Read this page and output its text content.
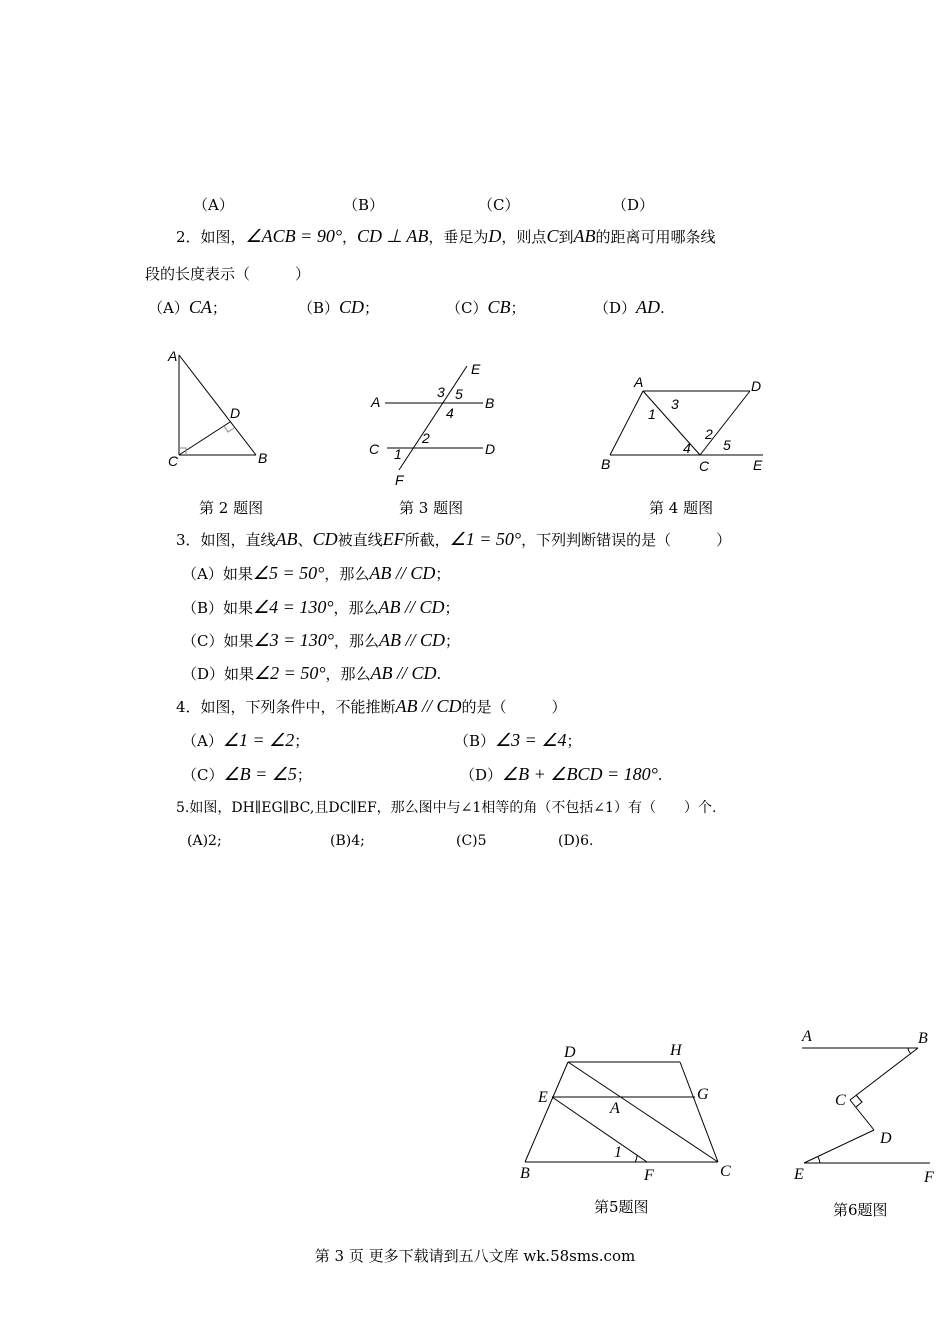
（A）	（B）	（C）	（D）
2．如图，∠ACB = 90°，CD ⊥ AB，垂足为D，则点C到AB的距离可用哪条线
段的长度表示（　　　）
（A）CA；	（B）CD；	（C）CB；	（D）AD.
A
D
C	B
第 2 题图
E
3 5
A
4
B
C
2
D
1
F
第 3 题图
A	D
1
3
2
4 5
B	C	E
第 4 题图
3．如图，直线AB、CD被直线EF所截，∠1 = 50°，下列判断错误的是（　　　）
（A）如果∠5 = 50°，那么AB // CD；
（B）如果∠4 = 130°，那么AB // CD；
（C）如果∠3 = 130°，那么AB // CD；
（D）如果∠2 = 50°，那么AB // CD.
4．如图，下列条件中，不能推断AB // CD的是（　　　）
（A）∠1 = ∠2；	（B）∠3 = ∠4；
（C）∠B = ∠5；	（D）∠B + ∠BCD = 180°.
5.如图，DH∥EG∥BC,且DC∥EF，那么图中与∠1相等的角（不包括∠1）有（　　）个.
(A)2;	(B)4;	(C)5	(D)6.
D	H
E	G
A
B
1
F	C
第5题图
A	B
C
D
E	F
第6题图
第 3 页 更多下载请到五八文库 wk.58sms.com
